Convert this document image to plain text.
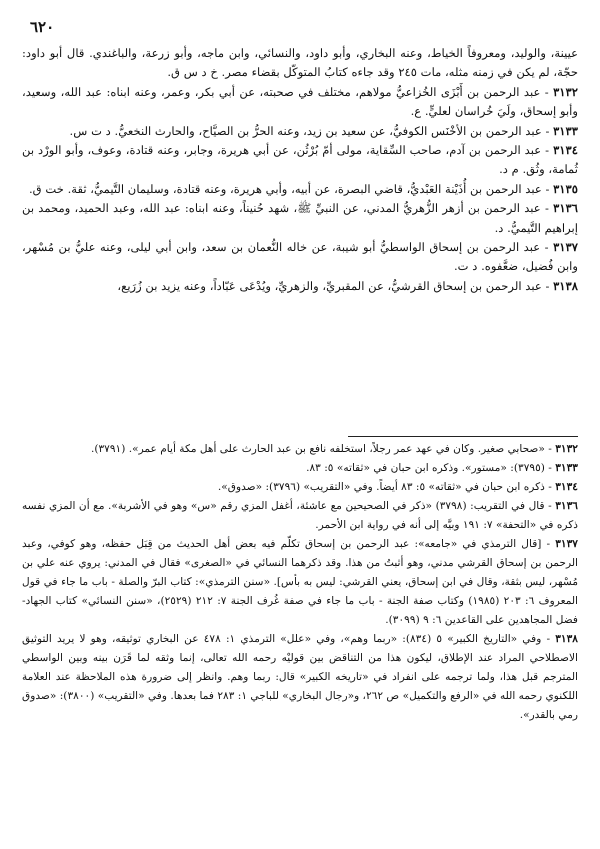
٦٢٠

عيينة، والوليد، ومعروفاً الخياط، وعنه البخاري، وأبو داود، والنسائي، وابن ماجه، وأبو زرعة، والباغندي. قال أبو داود: حجّة، لم يكن في زمنه مثله، مات ٢٤٥ وقد جاءه كتابُ المتوكّل بقضاء مصر. خ د س ق.

٣١٣٢ - عبد الرحمن بن أَبْزَى الخُزاعيُّ مولاهم، مختلف في صحبته، عن أبي بكر، وعمر، وعنه ابناه: عبد الله، وسعيد، وأبو إسحاق، ولَيَ خُراسان لعليٍّ. ع.

٣١٣٣ - عبد الرحمن بن الأخْنَس الكوفيُّ، عن سعيد بن زيد، وعنه الحرُّ بن الصيَّاح، والحارث النخعيُّ. د ت س.

٣١٣٤ - عبد الرحمن بن آدم، صاحب السِّقاية، مولى أمّ بُرْثُن، عن أبي هريرة، وجابر، وعنه قتادة، وعوف، وأبو الورْد بن ثُمامة، وثُق. م د.

٣١٣٥ - عبد الرحمن بن أُذَيْنة العَبْديُّ، قاضي البصرة، عن أبيه، وأبي هريرة، وعنه قتادة، وسليمان التَّيميُّ، ثقة. خت ق.

٣١٣٦ - عبد الرحمن بن أزهر الزُّهريُّ المدني، عن النبيِّ ﷺ، شهد حُنيناً، وعنه ابناه: عبد الله، وعبد الحميد، ومحمد بن إبراهيم التَّيميُّ. د.

٣١٣٧ - عبد الرحمن بن إسحاق الواسطيُّ أبو شيبة، عن خاله النُّعمان بن سعد، وابن أبي ليلى، وعنه عليُّ بن مُسْهر، وابن فُضيل، ضعَّفوه. د ت.

٣١٣٨ - عبد الرحمن بن إسحاق القرشيُّ، عن المقبريِّ، والزهريِّ، ويُدْعَى عَبّاداً، وعنه يزيد بن زُرَيع،

٣١٣٢ - «صحابي صغير. وكان في عهد عمر رجلاً، استخلفه نافع بن عبد الحارث على أهل مكة أيام عمر». (٣٧٩١).

٣١٣٣ - (٣٧٩٥): «مستور». وذكره ابن حبان في «ثقاته» ٥: ٨٣.

٣١٣٤ - ذكره ابن حبان في «ثقاته» ٥: ٨٣ أيضاً. وفي «التقريب» (٣٧٩٦): «صدوق».

٣١٣٦ - قال في التقريب: (٣٧٩٨) «ذكر في الصحيحين مع عاشئة، أغفل المزي رقم «س» وهو في الأشربة». مع أن المزي نفسه ذكره في «التحفة» ٧: ١٩١ وبيَّه إلى أنه في رواية ابن الأحمر.

٣١٣٧ - [قال الترمذي في «جامعه»: عبد الرحمن بن إسحاق تكلّم فيه بعض أهل الحديث من قِبَل حفظه، وهو كوفي، وعبد الرحمن بن إسحاق القرشي مدني، وهو أثبتُ من هذا. وقد ذكرهما النسائي في «الصغرى» فقال في المدني: يروي عنه علي بن مُسْهر، ليس بثقة، وقال في ابن إسحاق، يعني القرشي: ليس به بأس]. «سنن الترمذي»: كتاب البرّ والصلة - باب ما جاء في قول المعروف ٦: ٢٠٣ (١٩٨٥) وكتاب صفة الجنة - باب ما جاء في صفة غُرف الجنة ٧: ٢١٢ (٢٥٢٩)، «سنن النسائي» كتاب الجهاد- فضل المجاهدين على القاعدين ٦: ٩ (٣٠٩٩).

٣١٣٨ - وفي «التاريخ الكبير» ٥ (٨٣٤): «ربما وهم»، وفي «علل» الترمذي ١: ٤٧٨ عن البخاري توثيقه، وهو لا يريد التوثيق الاصطلاحي المراد عند الإطلاق، ليكون هذا من التناقض بين قوليْه رحمه الله تعالى، إنما وثقه لما قَرَن بينه وبين الواسطي المترجم قبل هذا، ولما ترجمه على انفراد في «تاريخه الكبير» قال: ربما وهم. وانظر إلى ضرورة هذه الملاحظة عند العلامة اللكنوي رحمه الله في «الرفع والتكميل» ص ٢٦٢، و«رجال البخاري» للباجي ١: ٢٨٣ فما بعدها. وفي «التقريب» (٣٨٠٠): «صدوق رمي بالقدر».
